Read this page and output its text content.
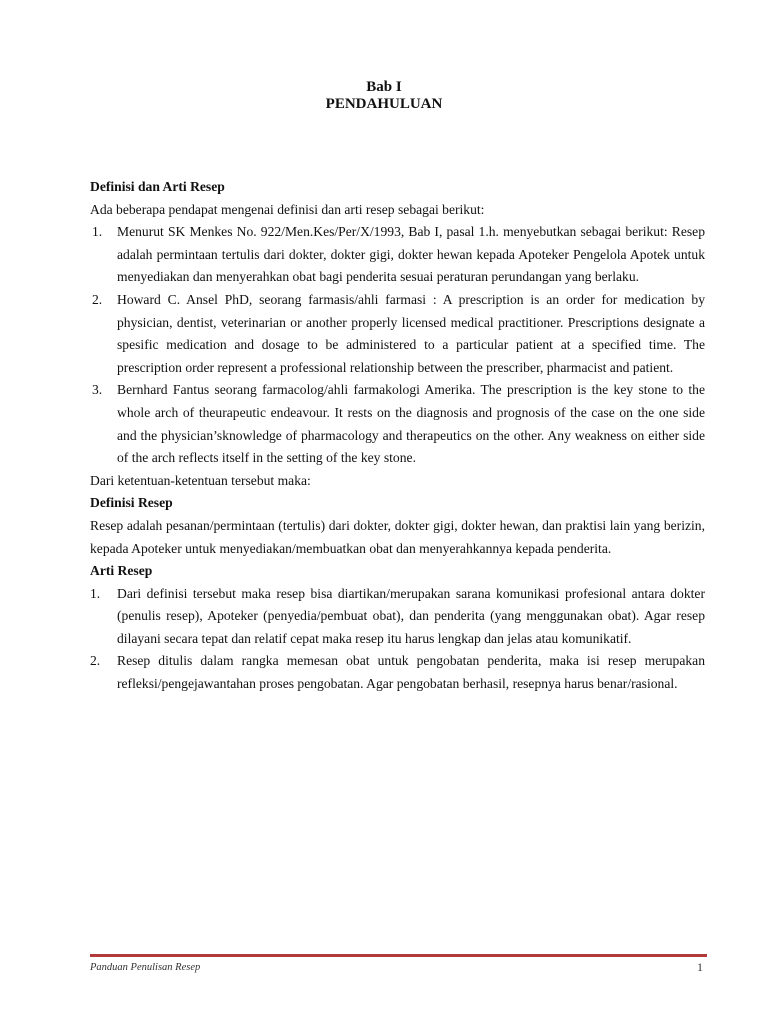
Bab I
PENDAHULUAN

Definisi dan Arti Resep

Ada beberapa pendapat mengenai definisi dan arti resep sebagai berikut:

1. Menurut SK Menkes No. 922/Men.Kes/Per/X/1993, Bab I, pasal 1.h. menyebutkan sebagai berikut: Resep adalah permintaan tertulis dari dokter, dokter gigi, dokter hewan kepada Apoteker Pengelola Apotek untuk menyediakan dan menyerahkan obat bagi penderita sesuai peraturan perundangan yang berlaku.
2. Howard C. Ansel PhD, seorang farmasis/ahli farmasi : A prescription is an order for medication by physician, dentist, veterinarian or another properly licensed medical practitioner. Prescriptions designate a spesific medication and dosage to be administered to a particular patient at a specified time. The prescription order represent a professional relationship between the prescriber, pharmacist and patient.
3. Bernhard Fantus seorang farmacolog/ahli farmakologi Amerika. The prescription is the key stone to the whole arch of theurapeutic endeavour. It rests on the diagnosis and prognosis of the case on the one side and the physician’sknowledge of pharmacology and therapeutics on the other. Any weakness on either side of the arch reflects itself in the setting of the key stone.

Dari ketentuan-ketentuan tersebut maka:

Definisi Resep

Resep adalah pesanan/permintaan (tertulis) dari dokter, dokter gigi, dokter hewan, dan praktisi lain yang berizin, kepada Apoteker untuk menyediakan/membuatkan obat dan menyerahkannya kepada penderita.

Arti Resep

1. Dari definisi tersebut maka resep bisa diartikan/merupakan sarana komunikasi profesional antara dokter (penulis resep), Apoteker (penyedia/pembuat obat), dan penderita (yang menggunakan obat). Agar resep dilayani secara tepat dan relatif cepat maka resep itu harus lengkap dan jelas atau komunikatif.
2. Resep ditulis dalam rangka memesan obat untuk pengobatan penderita, maka isi resep merupakan refleksi/pengejawantahan proses pengobatan. Agar pengobatan berhasil, resepnya harus benar/rasional.
Panduan Penulisan Resep	1
